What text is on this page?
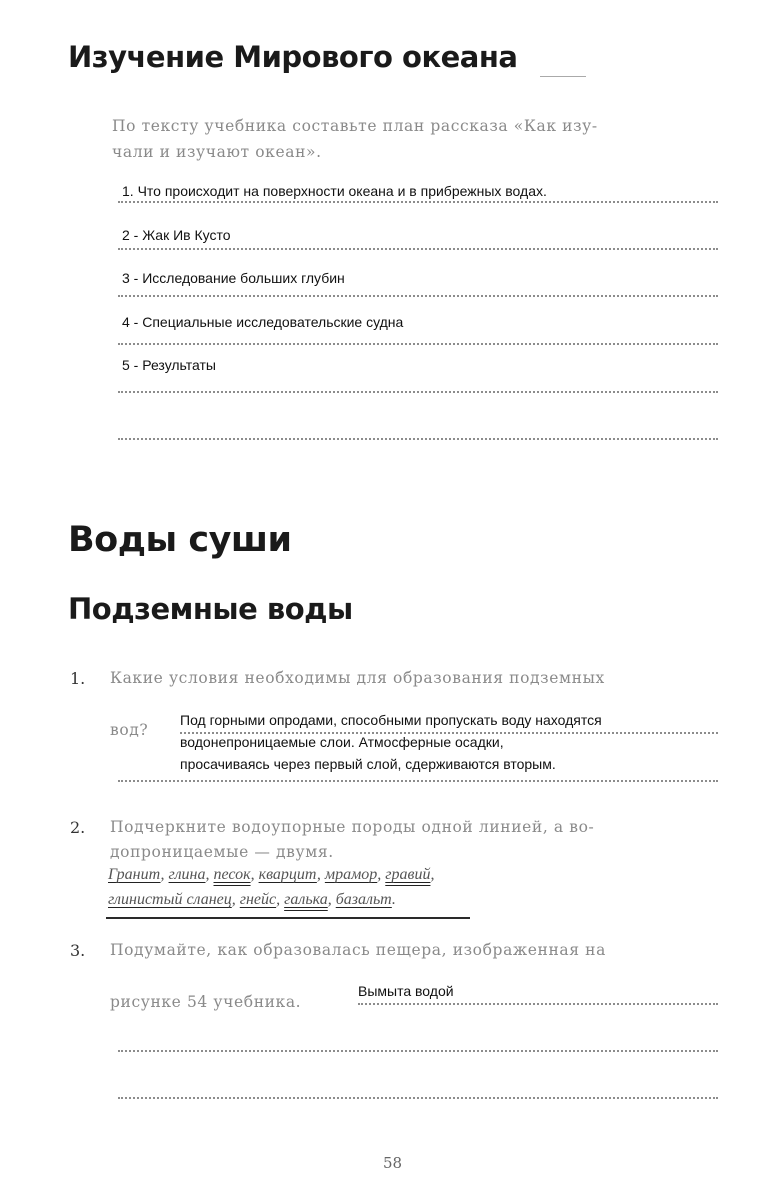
Изучение Мирового океана
По тексту учебника составьте план рассказа «Как изу-
чали и изучают океан».
1. Что происходит на поверхности океана и в прибрежных водах.
2 - Жак Ив Кусто
3 - Исследование больших глубин
4 - Специальные исследовательские судна
5 - Результаты
Воды суши
Подземные воды
1. Какие условия необходимы для образования подземных
вод?
Под горными опродами, способными пропускать воду находятся
водонепроницаемые слои. Атмосферные осадки,
просачиваясь через первый слой, сдерживаются вторым.
2. Подчеркните водоупорные породы одной линией, а во-
допроницаемые — двумя.
Гранит, глина, песок, кварцит, мрамор, гравий,
глинистый сланец, гнейс, галька, базальт.
3. Подумайте, как образовалась пещера, изображенная на
рисунке 54 учебника.
Вымыта водой
58
